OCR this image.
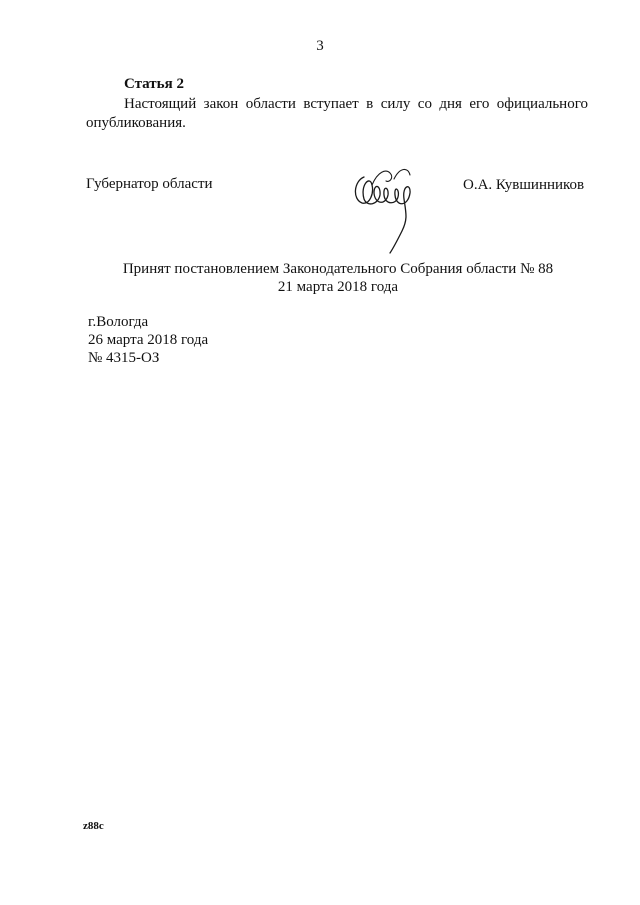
3
Статья 2
Настоящий закон области вступает в силу со дня его официального опубликования.
Губернатор области	О.А. Кувшинников
Принят постановлением Законодательного Собрания области № 88
21 марта 2018 года
г.Вологда
26 марта 2018 года
№ 4315-ОЗ
z88c
